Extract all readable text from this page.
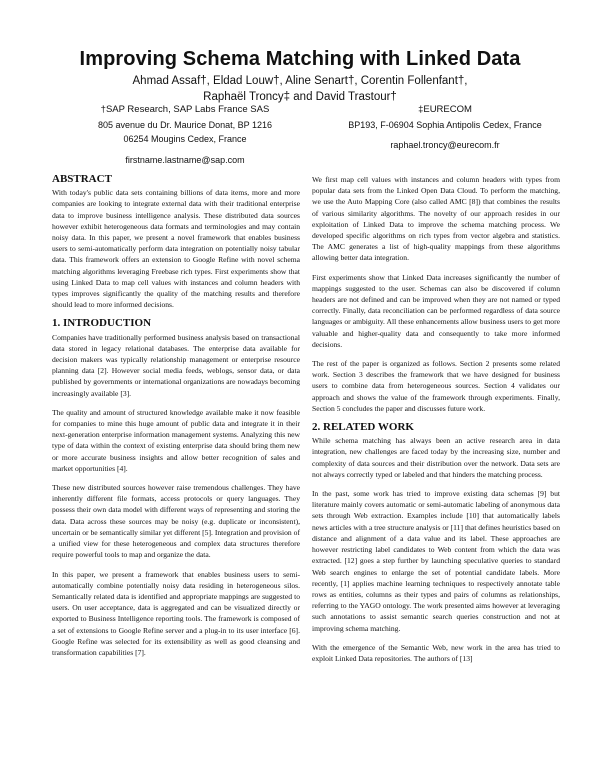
Improving Schema Matching with Linked Data
Ahmad Assaf†, Eldad Louw†, Aline Senart†, Corentin Follenfant†,
Raphaël Troncy‡ and David Trastour†
†SAP Research, SAP Labs France SAS
805 avenue du Dr. Maurice Donat, BP 1216
06254 Mougins Cedex, France
firstname.lastname@sap.com
‡EURECOM
BP193, F-06904 Sophia Antipolis Cedex, France
raphael.troncy@eurecom.fr
ABSTRACT
With today's public data sets containing billions of data items, more and more companies are looking to integrate external data with their traditional enterprise data to improve business intelligence analysis. These distributed data sources however exhibit heterogeneous data formats and terminologies and may contain noisy data. In this paper, we present a novel framework that enables business users to semi-automatically perform data integration on potentially noisy tabular data. This framework offers an extension to Google Refine with novel schema matching algorithms leveraging Freebase rich types. First experiments show that using Linked Data to map cell values with instances and column headers with types improves significantly the quality of the matching results and therefore should lead to more informed decisions.
1. INTRODUCTION
Companies have traditionally performed business analysis based on transactional data stored in legacy relational databases. The enterprise data available for decision makers was typically relationship management or enterprise resource planning data [2]. However social media feeds, weblogs, sensor data, or data published by governments or international organizations are nowadays becoming increasingly available [3].
The quality and amount of structured knowledge available make it now feasible for companies to mine this huge amount of public data and integrate it in their next-generation enterprise information management systems. Analyzing this new type of data within the context of existing enterprise data should bring them new or more accurate business insights and allow better recognition of sales and market opportunities [4].
These new distributed sources however raise tremendous challenges. They have inherently different file formats, access protocols or query languages. They possess their own data model with different ways of representing and storing the data. Data across these sources may be noisy (e.g. duplicate or inconsistent), uncertain or be semantically similar yet different [5]. Integration and provision of a unified view for these heterogeneous and complex data structures therefore require powerful tools to map and organize the data.
In this paper, we present a framework that enables business users to semi-automatically combine potentially noisy data residing in heterogeneous silos. Semantically related data is identified and appropriate mappings are suggested to users. On user acceptance, data is aggregated and can be visualized directly or exported to Business Intelligence reporting tools. The framework is composed of a set of extensions to Google Refine server and a plug-in to its user interface [6]. Google Refine was selected for its extensibility as well as good cleansing and transformation capabilities [7].
We first map cell values with instances and column headers with types from popular data sets from the Linked Open Data Cloud. To perform the matching, we use the Auto Mapping Core (also called AMC [8]) that combines the results of various similarity algorithms. The novelty of our approach resides in our exploitation of Linked Data to improve the schema matching process. We developed specific algorithms on rich types from vector algebra and statistics. The AMC generates a list of high-quality mappings from these algorithms allowing better data integration.
First experiments show that Linked Data increases significantly the number of mappings suggested to the user. Schemas can also be discovered if column headers are not defined and can be improved when they are not named or typed correctly. Finally, data reconciliation can be performed regardless of data source languages or ambiguity. All these enhancements allow business users to get more valuable and higher-quality data and consequently to take more informed decisions.
The rest of the paper is organized as follows. Section 2 presents some related work. Section 3 describes the framework that we have designed for business users to combine data from heterogeneous sources. Section 4 validates our approach and shows the value of the framework through experiments. Finally, Section 5 concludes the paper and discusses future work.
2. RELATED WORK
While schema matching has always been an active research area in data integration, new challenges are faced today by the increasing size, number and complexity of data sources and their distribution over the network. Data sets are not always correctly typed or labeled and that hinders the matching process.
In the past, some work has tried to improve existing data schemas [9] but literature mainly covers automatic or semi-automatic labeling of anonymous data sets through Web extraction. Examples include [10] that automatically labels news articles with a tree structure analysis or [11] that defines heuristics based on distance and alignment of a data value and its label. These approaches are however restricting label candidates to Web content from which the data was extracted. [12] goes a step further by launching speculative queries to standard Web search engines to enlarge the set of potential candidate labels. More recently, [1] applies machine learning techniques to respectively annotate table rows as entities, columns as their types and pairs of columns as relationships, referring to the YAGO ontology. The work presented aims however at leveraging such annotations to assist semantic search queries construction and not at improving schema matching.
With the emergence of the Semantic Web, new work in the area has tried to exploit Linked Data repositories. The authors of [13]
